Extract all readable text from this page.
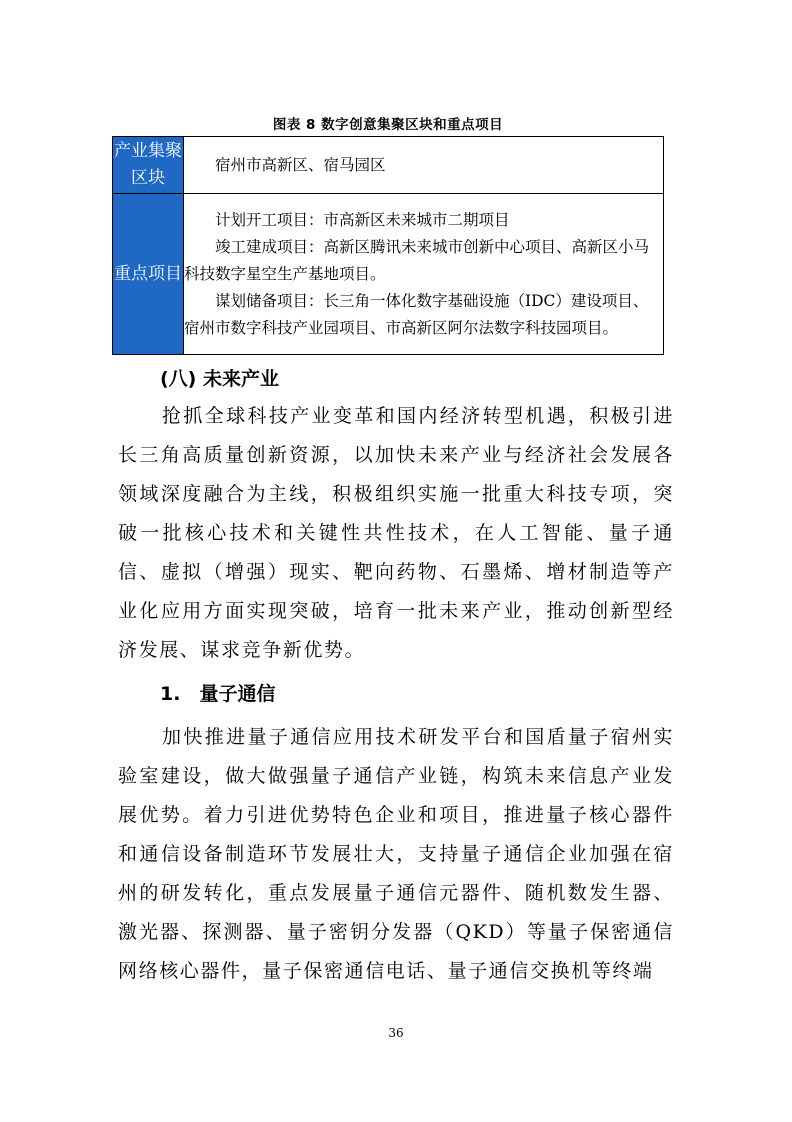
图表 8 数字创意集聚区块和重点项目
产业集聚区块	宿州市高新区、宿马园区

重点项目	计划开工项目：市高新区未来城市二期项目
竣工建成项目：高新区腾讯未来城市创新中心项目、高新区小马科技数字星空生产基地项目。
谋划储备项目：长三角一体化数字基础设施（IDC）建设项目、宿州市数字科技产业园项目、市高新区阿尔法数字科技园项目。
(八) 未来产业

抢抓全球科技产业变革和国内经济转型机遇，积极引进长三角高质量创新资源，以加快未来产业与经济社会发展各领域深度融合为主线，积极组织实施一批重大科技专项，突破一批核心技术和关键性共性技术，在人工智能、量子通信、虚拟（增强）现实、靶向药物、石墨烯、增材制造等产业化应用方面实现突破，培育一批未来产业，推动创新型经济发展、谋求竞争新优势。

1.　量子通信

加快推进量子通信应用技术研发平台和国盾量子宿州实验室建设，做大做强量子通信产业链，构筑未来信息产业发展优势。着力引进优势特色企业和项目，推进量子核心器件和通信设备制造环节发展壮大，支持量子通信企业加强在宿州的研发转化，重点发展量子通信元器件、随机数发生器、激光器、探测器、量子密钥分发器（QKD）等量子保密通信网络核心器件，量子保密通信电话、量子通信交换机等终端

36
